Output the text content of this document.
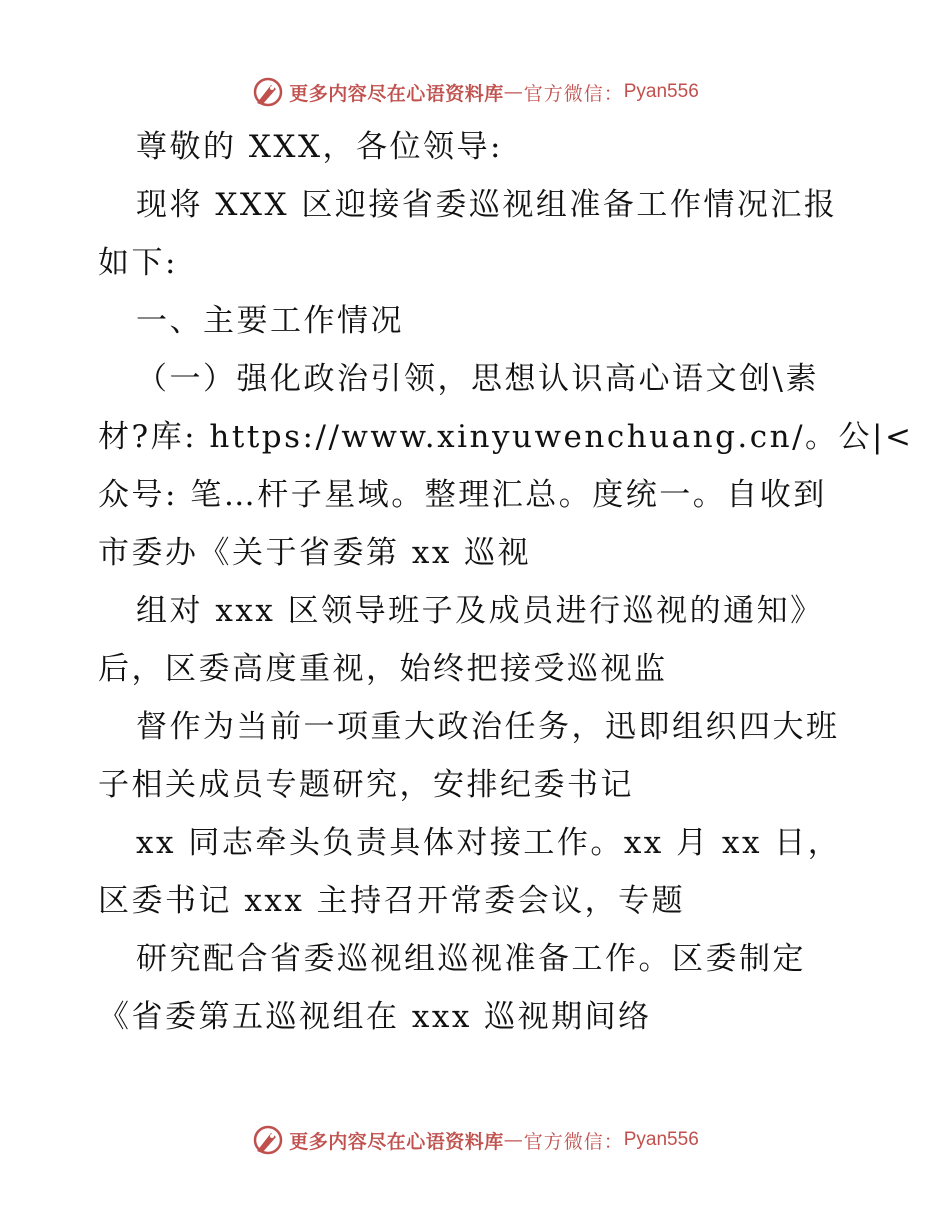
更多内容尽在心语资料库 — 官方微信： Pyan556
尊敬的 XXX，各位领导:
现将 XXX 区迎接省委巡视组准备工作情况汇报
如下:
一、主要工作情况
（一）强化政治引领，思想认识高心语文创\素
材?库: https://www.xinyuwenchuang.cn/。公|<
众号: 笔…杆子星域。整理汇总。度统一。自收到
市委办《关于省委第 xx 巡视
组对 xxx 区领导班子及成员进行巡视的通知》
后，区委高度重视，始终把接受巡视监
督作为当前一项重大政治任务，迅即组织四大班
子相关成员专题研究，安排纪委书记
xx 同志牵头负责具体对接工作。xx 月 xx 日，
区委书记 xxx 主持召开常委会议，专题
研究配合省委巡视组巡视准备工作。区委制定
《省委第五巡视组在 xxx 巡视期间络
更多内容尽在心语资料库 — 官方微信： Pyan556
